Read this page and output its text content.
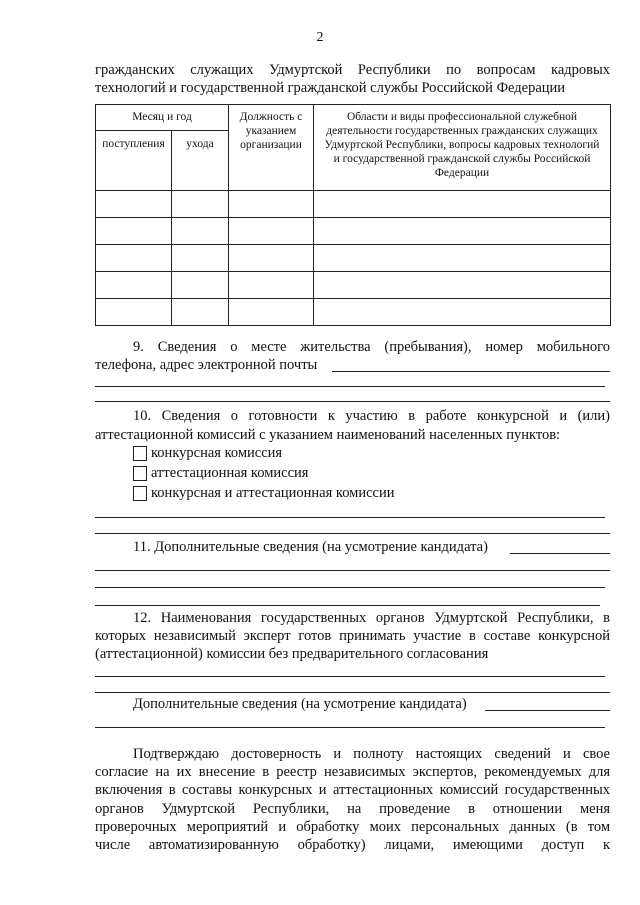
2
гражданских служащих Удмуртской Республики по вопросам кадровых
технологий и государственной гражданской службы Российской Федерации
Месяц и год		Должность с указанием организации	Области и виды профессиональной служебной деятельности государственных гражданских служащих Удмуртской Республики, вопросы кадровых технологий и государственной гражданской службы Российской Федерации
поступления	ухода		

9. Сведения о месте жительства (пребывания), номер мобильного
телефона, адрес электронной почты
10. Сведения о готовности к участию в работе конкурсной и (или)
аттестационной комиссий с указанием наименований населенных пунктов:
конкурсная комиссия
аттестационная комиссия
конкурсная и аттестационная комиссии
11. Дополнительные сведения (на усмотрение кандидата)
12. Наименования государственных органов Удмуртской Республики, в
которых независимый эксперт готов принимать участие в составе конкурсной
(аттестационной) комиссии без предварительного согласования
Дополнительные сведения (на усмотрение кандидата)
Подтверждаю достоверность и полноту настоящих сведений и свое
согласие на их внесение в реестр независимых экспертов, рекомендуемых для
включения в составы конкурсных и аттестационных комиссий государственных
органов Удмуртской Республики, на проведение в отношении меня
проверочных мероприятий и обработку моих персональных данных (в том
числе автоматизированную обработку) лицами, имеющими доступ к
